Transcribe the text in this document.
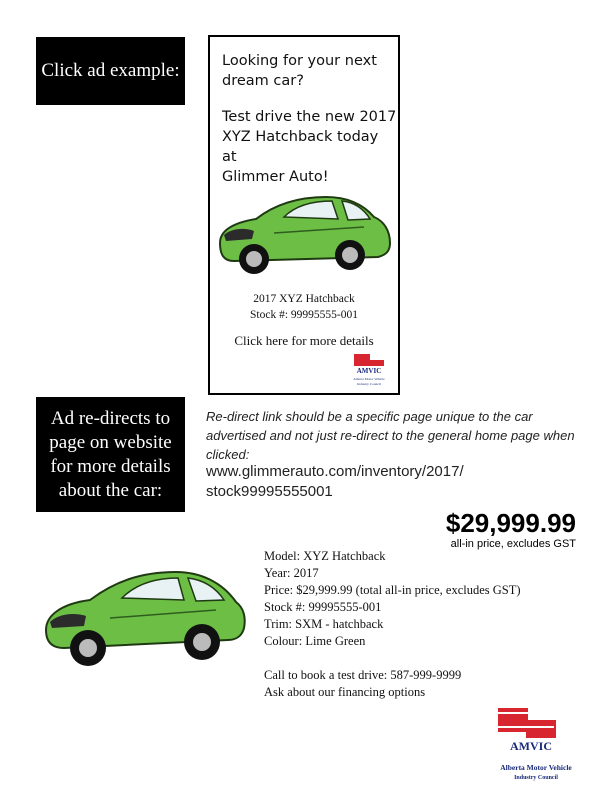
Click ad example:
Ad re-directs to
page on website
for more details
about the car:
Looking for your next
dream car?
Test drive the new 2017
XYZ Hatchback today at
Glimmer Auto!
2017 XYZ Hatchback
Stock #: 99995555-001
Click here for more details
AMVIC
Alberta Motor Vehicle
Industry Council
Re-direct link should be a specific page unique to the car advertised and not just re-direct to the general home page when clicked:
www.glimmerauto.com/inventory/2017/
stock99995555001
$29,999.99
all-in price, excludes GST
Model: XYZ Hatchback
Year: 2017
Price: $29,999.99 (total all-in price, excludes GST)
Stock #: 99995555-001
Trim: SXM - hatchback
Colour: Lime Green
Call to book a test drive: 587-999-9999
Ask about our financing options
AMVIC
Alberta Motor Vehicle
Industry Council
